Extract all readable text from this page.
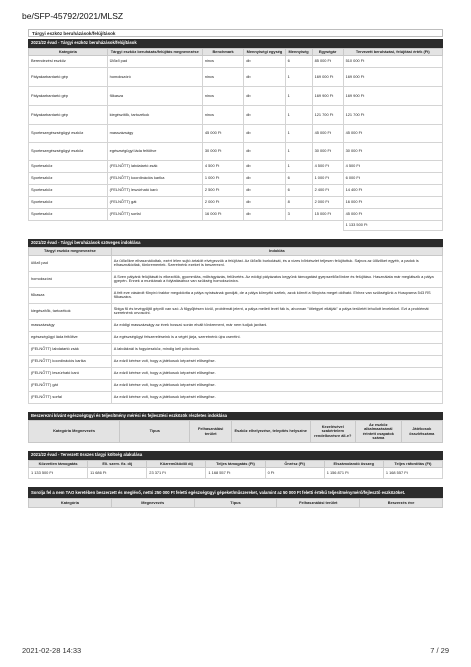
be/SFP-45792/2021/MLSZ
Tárgyi eszköz beruházások/felújítások
2021/22 évad - Tárgyi eszköz beruházások/felújítások
Kategória	Tárgyi eszköz beruházás/felújítás megnevezése	Benchmark	Mennyiségi egység	Mennyiség	Egységár	Tervezett beruházási, felújítási érték (Ft)
Berendezési eszköz	Ülőző pad	nincs	db	6	85 000 Ft	510 000 Ft
Pályakarbantartó gép	homokszóró	nincs	db	1	169 000 Ft	169 000 Ft
Pályakarbantartó gép	fűkasza	nincs	db	1	169 900 Ft	169 900 Ft
Pályakarbantartó gép	kiegészítők, tartozékok	nincs	db	1	121 700 Ft	121 700 Ft
Sporteszegészségügyi eszköz	masszázságy	45 000 Ft	db	1	45 000 Ft	45 000 Ft
Sporteszegészségügyi eszköz	egészségügyi láda feltöltve	30 000 Ft	db	1	30 000 Ft	30 000 Ft
Sporteszköz	(FELNŐTT) labdatartó zsák	4 500 Ft	db	1	4 500 Ft	4 500 Ft
Sporteszköz	(FELNŐTT) koordinációs karika	1 000 Ft	db	6	1 000 Ft	6 000 Ft
Sporteszköz	(FELNŐTT) leszúrható karó	2 500 Ft	db	6	2 400 Ft	14 400 Ft
Sporteszköz	(FELNŐTT) gát	2 000 Ft	db	8	2 000 Ft	16 000 Ft
Sporteszköz	(FELNŐTT) sorfal	16 000 Ft	db	3	15 000 Ft	45 000 Ft
						1 133 500 Ft
2021/22 évad - Tárgyi beruházások szöveges indoklása
Tárgyi eszköz megnevezése	Indoklás
ülőző pad	Az ülőzőkre elhasználódtak, ezért lélen sujtó ártalóit elvégezzük a felújítást. Az ülőzők burkolását, és a vízes bőrkészlet teljesen felújítottuk. Sajnos az ülőzőket egyéb, a padok is elhasználódtak, tönkrementek. Szeretnénk ezeket is beszerezni.
homokszóró	A Sven pályánk felújítását is elkezdtük, gyommilás, műtrágyázás, felülvetés. Az eddigi pályázatos kegyünk támogatást gyepszellőzőínkre és felújításo. Használata már meglátszik a pálya gyepén. Ennek a munkának a folytatásához van szükség homokszóróra.
fűkasza	A felt eve vásárolt fűnyíró traktor megoldotta a pálya nyírásának gondját, de a pálya környéki szélek, azok körnél a fűnyírás meget oldható. Ehhez van szükségünk a Husqvarna 543 RS fűkaszára.
kiegészítők, tartozékok	Sbiga fű és tevégyűjtő gépről van szó. A fűgyűjtésen kívül, problémát jelent, a pálya melleti levél fák is, ahonnan "ötletgyel ellátják" a pálya területét lehullott levelekkel. Ezt a problémát szeretnénk orvosolni.
masszázságy	Az eddigi masszázságy az évek hosszú során elvált tönkrement, már nem tudjuk javítani.
egészségügyi láda feltöltve	Az egészségügyi felszereléseink is a végét járja, szeretnénk újra cserélni.
(FELNŐTT) labdatartó zsák	A labdáknál is fogyóeszköz, mindig kell pótolnunk.
(FELNŐTT) koordinációs karika	Az edző kérése volt, hogy a játékosok képzését elősegítse.
(FELNŐTT) leszúrható karó	Az edző kérése volt, hogy a játékosok képzését elősegítse.
(FELNŐTT) gát	Az edző kérése volt, hogy a játékosok képzését elősegítse.
(FELNŐTT) sorfal	Az edző kérése volt, hogy a játékosok képzését elősegítse.
Beszerezni kívánt egészségügyi és teljesítmény mérési és fejlesztési eszközök részletes indoklása
Kategória Megnevezés	Típus	Felhasználási terület	Eszköz elhelyezése, telepítés helyszíne	Kezelésével szakértelem rendelkezésre áll-e?	Az eszköz alkalmazásánál érintett csapatok száma	Játékosok összlétszáma
2021/22 évad - Tervezett összes tárgyi költség alakulása
Közvetlen támogatás	Eli. szerv. fiz. díj	Közreműködői díj	Teljes támogatás (Ft)	Önrész (Ft)	Elszámolandó összeg	Teljes ráfordítás (Ft)
1 133 500 Ft	11 686 Ft	23 371 Ft	1 168 557 Ft	0 Ft	1 156 871 Ft	1 168 557 Ft
Sorolja fel a nem TAO keretében beszerzett és meglévő, nettó 250 000 Ft feletti egészségügyi gépeket/műszereket, valamint az 50 000 Ft feletti értékű teljesítménymérő/fejlesztő eszközöket.
Kategória	Megnevezés	Típus	Felhasználási terület	Beszerzés éve
2021-02-28 14:33	7 / 29
